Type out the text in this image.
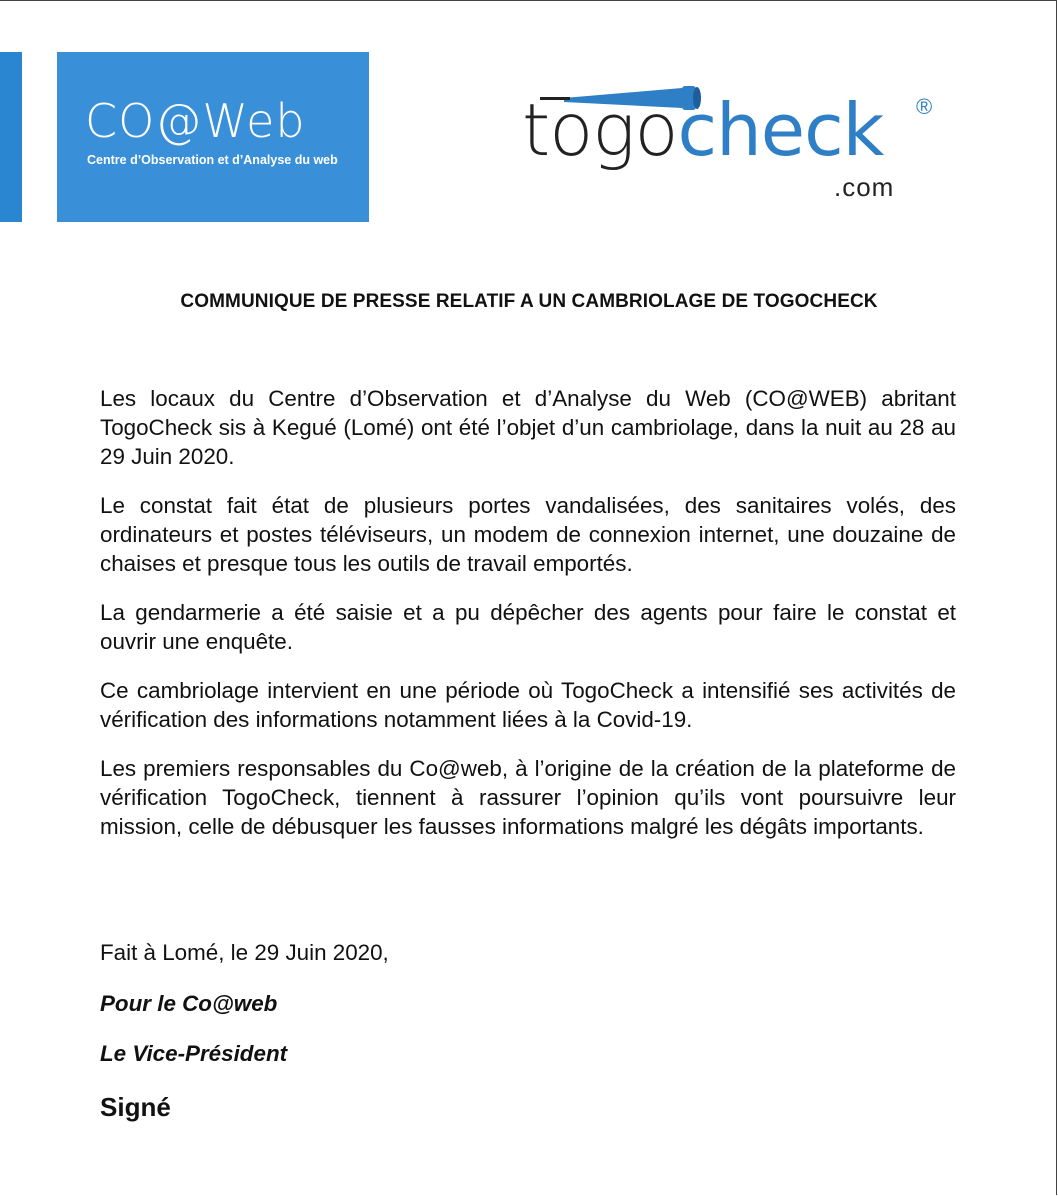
CO@Web
Centre d’Observation et d’Analyse du web	togocheck ®
.com
COMMUNIQUE DE PRESSE RELATIF A UN CAMBRIOLAGE DE TOGOCHECK

Les locaux du Centre d’Observation et d’Analyse du Web (CO@WEB) abritant TogoCheck sis à Kegué (Lomé) ont été l’objet d’un cambriolage, dans la nuit au 28 au 29 Juin 2020.

Le constat fait état de plusieurs portes vandalisées, des sanitaires volés, des ordinateurs et postes téléviseurs, un modem de connexion internet, une douzaine de chaises et presque tous les outils de travail emportés.

La gendarmerie a été saisie et a pu dépêcher des agents pour faire le constat et ouvrir une enquête.

Ce cambriolage intervient en une période où TogoCheck a intensifié ses activités de vérification des informations notamment liées à la Covid-19.

Les premiers responsables du Co@web, à l’origine de la création de la plateforme de vérification TogoCheck, tiennent à rassurer l’opinion qu’ils vont poursuivre leur mission, celle de débusquer les fausses informations malgré les dégâts importants.

Fait à Lomé, le 29 Juin 2020,
Pour le Co@web
Le Vice-Président
Signé
